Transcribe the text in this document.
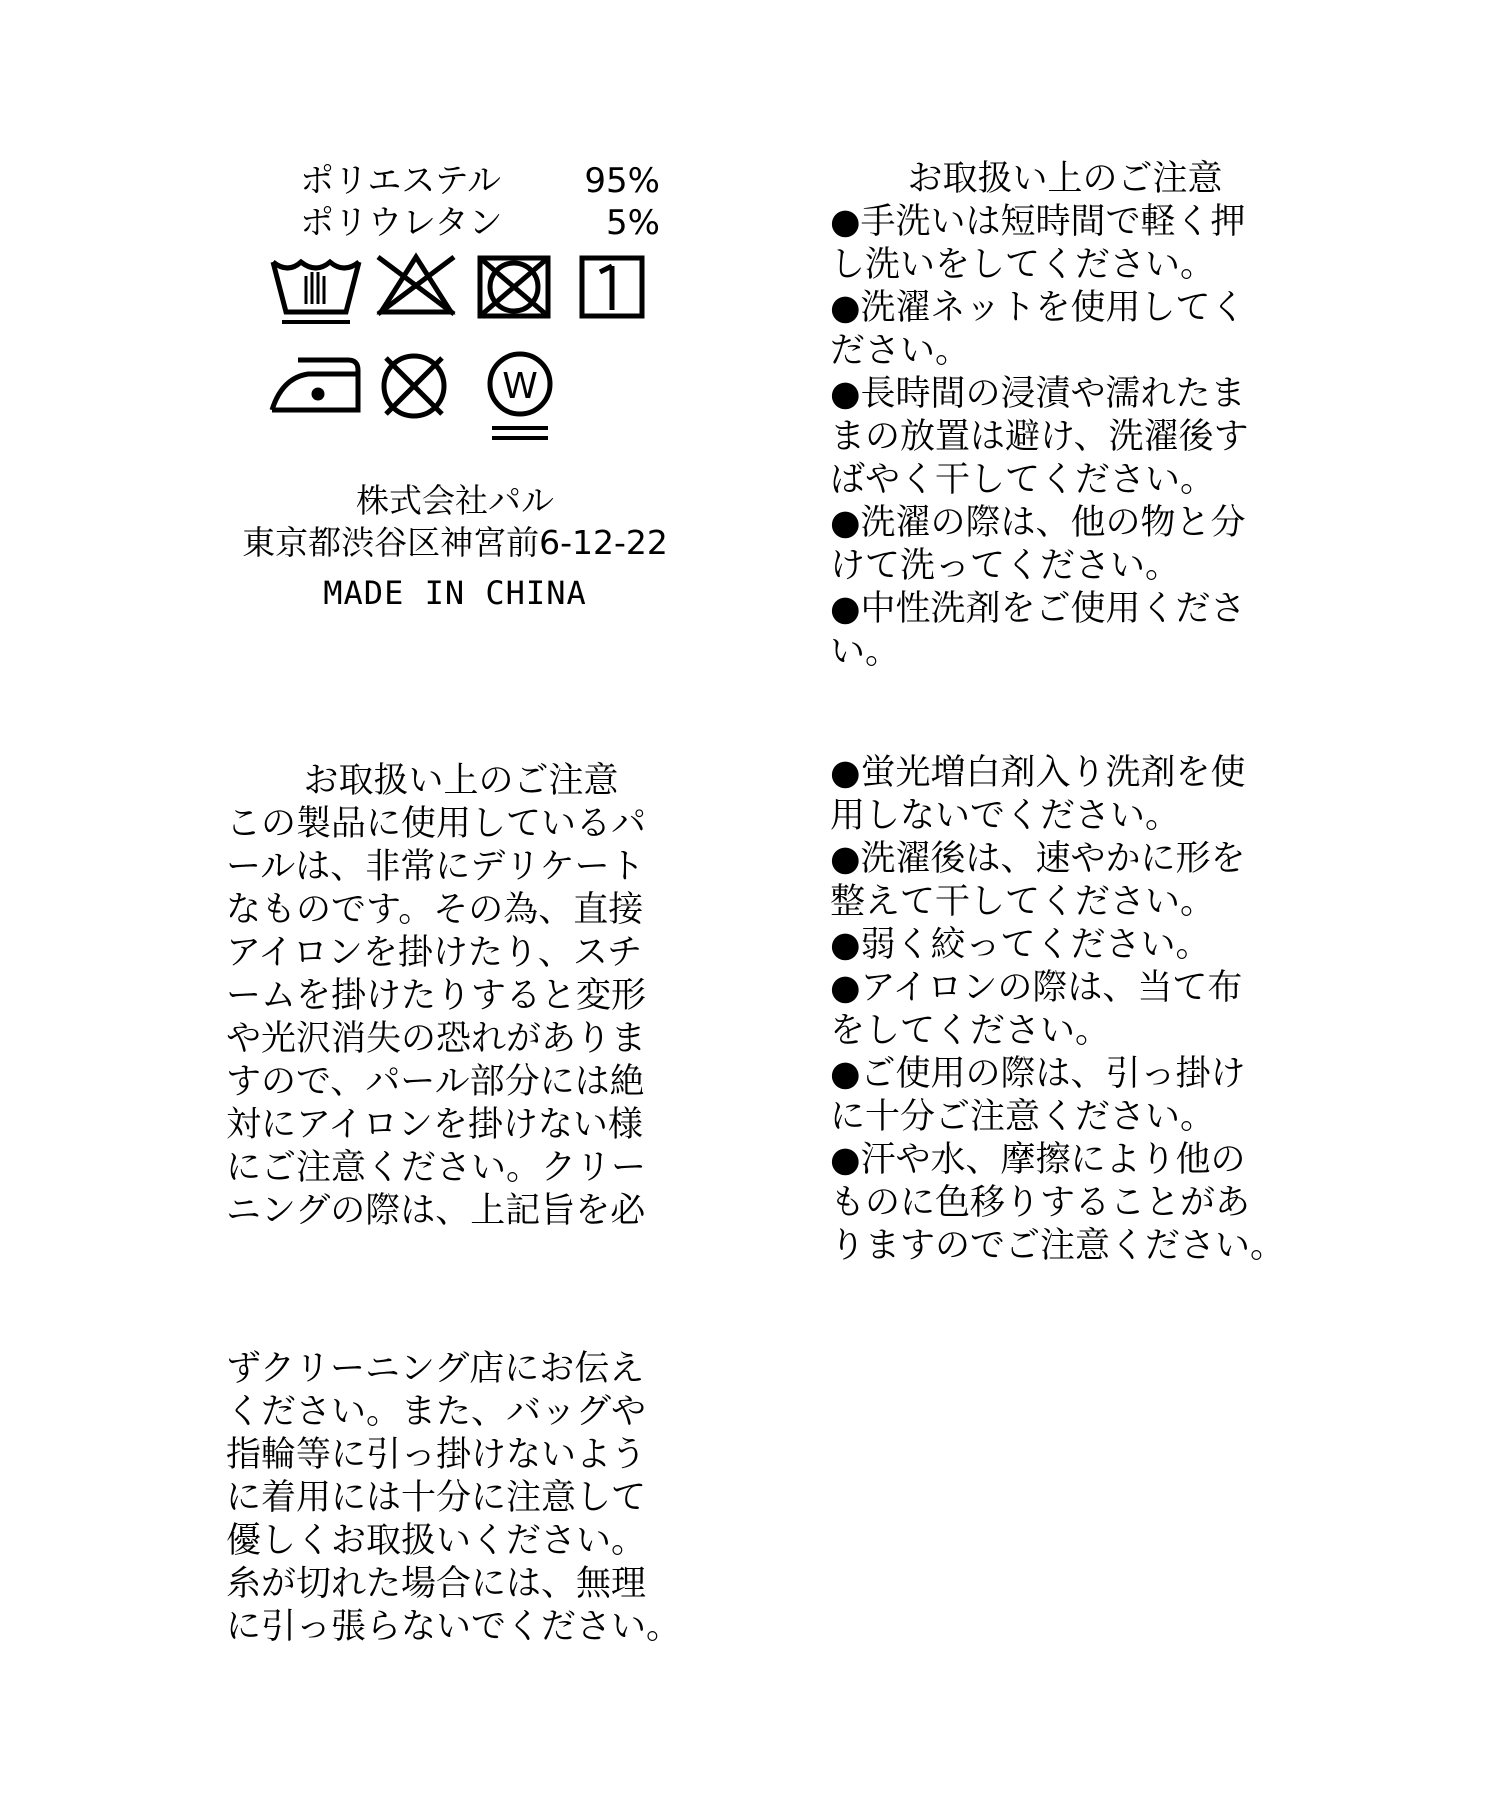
ポリエステル 95%
ポリウレタン	5%
W
株式会社パル
東京都渋谷区神宮前6-12-22
MADE IN CHINA
お取扱い上のご注意
●手洗いは短時間で軽く押
し洗いをしてください。
●洗濯ネットを使用してく
ださい。
●長時間の浸漬や濡れたま
まの放置は避け、洗濯後す
ばやく干してください。
●洗濯の際は、他の物と分
けて洗ってください。
●中性洗剤をご使用くださ
い。
●蛍光増白剤入り洗剤を使
用しないでください。
●洗濯後は、速やかに形を
整えて干してください。
●弱く絞ってください。
●アイロンの際は、当て布
をしてください。
●ご使用の際は、引っ掛け
に十分ご注意ください。
●汗や水、摩擦により他の
ものに色移りすることがあ
りますのでご注意ください。
お取扱い上のご注意
この製品に使用しているパ
ールは、非常にデリケート
なものです。その為、直接
アイロンを掛けたり、スチ
ームを掛けたりすると変形
や光沢消失の恐れがありま
すので、パール部分には絶
対にアイロンを掛けない様
にご注意ください。クリー
ニングの際は、上記旨を必
ずクリーニング店にお伝え
ください。また、バッグや
指輪等に引っ掛けないよう
に着用には十分に注意して
優しくお取扱いください。
糸が切れた場合には、無理
に引っ張らないでください。
